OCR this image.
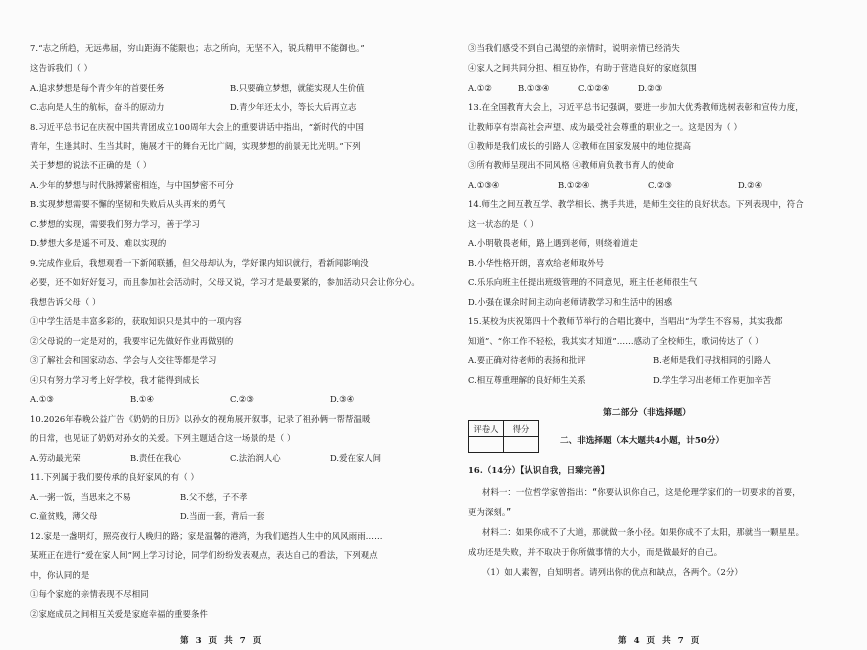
7.“志之所趋，无远弗届，穷山距海不能限也；志之所向，无坚不入，锐兵精甲不能御也。”
这告诉我们（ ）
A.追求梦想是每个青少年的首要任务	B.只要确立梦想，就能实现人生价值
C.志向是人生的航标，奋斗的原动力	D.青少年还太小，等长大后再立志
8.习近平总书记在庆祝中国共青团成立100周年大会上的重要讲话中指出，“新时代的中国
青年，生逢其时、生当其时，施展才干的舞台无比广阔，实现梦想的前景无比光明。”下列
关于梦想的说法不正确的是（ ）
A.少年的梦想与时代脉搏紧密相连，与中国梦密不可分
B.实现梦想需要不懈的坚韧和失败后从头再来的勇气
C.梦想的实现，需要我们努力学习，善于学习
D.梦想大多是遥不可及、难以实现的
9.完成作业后，我想观看一下新闻联播，但父母却认为，学好课内知识就行，看新闻影响没
必要，还不如好好复习，而且参加社会活动时，父母又说，学习才是最要紧的，参加活动只会让你分心。
我想告诉父母（ ）
①中学生活是丰富多彩的，获取知识只是其中的一项内容
②父母说的一定是对的，我要牢记先做好作业再做别的
③了解社会和国家动态、学会与人交往等都是学习
④只有努力学习考上好学校，我才能得到成长
A.①③	B.①④	C.②③	D.③④
10.2026年春晚公益广告《奶奶的日历》以孙女的视角展开叙事，记录了祖孙俩一帮帮温暖
的日常，也见证了奶奶对孙女的关爱。下列主题适合这一场景的是（ ）
A.劳动最光荣	B.责任在我心	C.法治润人心	D.爱在家人间
11.下列属于我们要传承的良好家风的有（ ）
A.一粥一饭，当思来之不易	B.父不慈，子不孝
C.童贫贱，薄父母	D.当面一套，背后一套
12.家是一盏明灯，照亮夜行人晚归的路；家是温馨的港湾，为我们遮挡人生中的风风雨雨……
某班正在进行“爱在家人间”网上学习讨论，同学们纷纷发表观点，表达自己的看法，下列观点
中，你认同的是
①每个家庭的亲情表现不尽相同
②家庭成员之间相互关爱是家庭幸福的重要条件
第 3 页 共 7 页
③当我们感受不到自己渴望的亲情时，说明亲情已经消失
④家人之间共同分担、相互协作，有助于营造良好的家庭氛围
A.①②	B.①③④	C.①②④	D.②③
13.在全国教育大会上，习近平总书记强调，要进一步加大优秀教师选树表彰和宣传力度，
让教师享有崇高社会声望、成为最受社会尊重的职业之一。这是因为（ ）
①教师是我们成长的引路人 ②教师在国家发展中的地位提高
③所有教师呈现出不同风格 ④教师肩负教书育人的使命
A.①③④	B.①②④	C.②③	D.②④
14.师生之间互教互学、教学相长、携手共进，是师生交往的良好状态。下列表现中，符合
这一状态的是（ ）
A.小明敬畏老师，路上遇到老师，则绕着道走
B.小华性格开朗，喜欢给老师取外号
C.乐乐向班主任提出班级管理的不同意见，班主任老师很生气
D.小强在课余时间主动向老师请教学习和生活中的困惑
15.某校为庆祝第四十个教师节举行的合唱比赛中，当唱出“为学生不容易，其实我都
知道”、“你工作不轻松，我其实才知道”……感动了全校师生，歌词传达了（ ）
A.要正确对待老师的表扬和批评	B.老师是我们寻找相同的引路人
C.相互尊重理解的良好师生关系	D.学生学习出老师工作更加辛苦
第二部分（非选择题）
评卷人	得分

二、非选择题（本大题共4小题，计50分）
16.（14分）【认识自我，日臻完善】
材料一：一位哲学家曾指出：“你要认识你自己，这是伦理学家们的一切要求的首要，
更为深刻。”
材料二：如果你成不了大道，那就做一条小径。如果你成不了太阳，那就当一颗星星。
成功还是失败，并不取决于你所做事情的大小，而是做最好的自己。
（1）如人素智，自知明者。请列出你的优点和缺点，各两个。（2分）
第 4 页 共 7 页
